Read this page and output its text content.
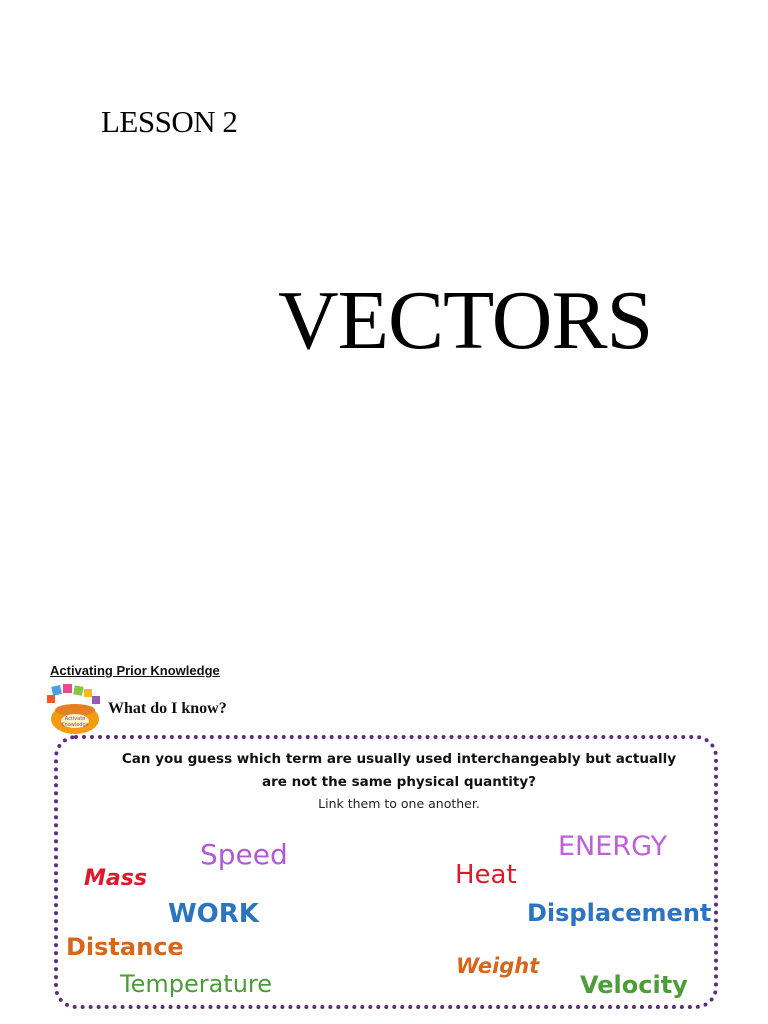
LESSON 2
VECTORS
Activating Prior Knowledge
Activate
Knowledge
What do I know?
Can you guess which term are usually used interchangeably but actually
are not the same physical quantity?
Link them to one another.
Speed
Mass
WORK
Distance
Temperature
Heat
ENERGY
Displacement
Weight
Velocity
